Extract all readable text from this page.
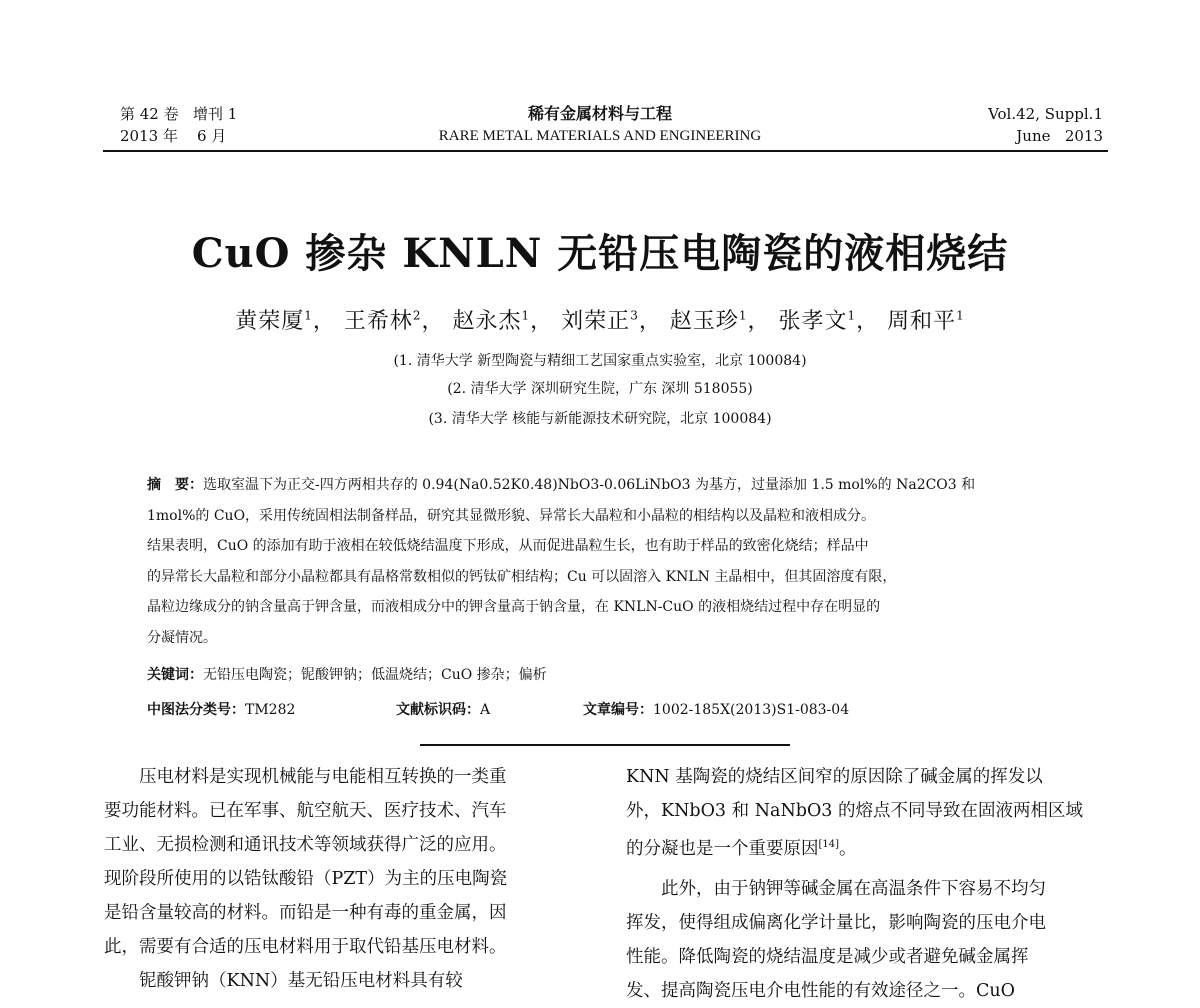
第 42 卷 增刊 1
2013 年 6 月
稀有金属材料与工程
RARE METAL MATERIALS AND ENGINEERING
Vol.42, Suppl.1
June   2013
CuO 掺杂 KNLN 无铅压电陶瓷的液相烧结
黄荣厦$^1$， 王希林$^2$， 赵永杰$^1$， 刘荣正$^3$， 赵玉珍$^1$， 张孝文$^1$， 周和平$^1$
(1. 清华大学 新型陶瓷与精细工艺国家重点实验室，北京 100084)
(2. 清华大学 深圳研究生院，广东 深圳 518055)
(3. 清华大学 核能与新能源技术研究院，北京 100084)
摘　要：选取室温下为正交-四方两相共存的 0.94(Na0.52K0.48)NbO3-0.06LiNbO3 为基方，过量添加 1.5 mol%的 Na2CO3 和
1mol%的 CuO，采用传统固相法制备样品，研究其显微形貌、异常长大晶粒和小晶粒的相结构以及晶粒和液相成分。
结果表明，CuO 的添加有助于液相在较低烧结温度下形成，从而促进晶粒生长，也有助于样品的致密化烧结；样品中
的异常长大晶粒和部分小晶粒都具有晶格常数相似的钙钛矿相结构；Cu 可以固溶入 KNLN 主晶相中，但其固溶度有限，
晶粒边缘成分的钠含量高于钾含量，而液相成分中的钾含量高于钠含量，在 KNLN-CuO 的液相烧结过程中存在明显的
分凝情况。
关键词：无铅压电陶瓷；铌酸钾钠；低温烧结；CuO 掺杂；偏析
中图法分类号：TM282	文献标识码：A	文章编号：1002-185X(2013)S1-083-04

压电材料是实现机械能与电能相互转换的一类重

要功能材料。已在军事、航空航天、医疗技术、汽车

工业、无损检测和通讯技术等领域获得广泛的应用。

现阶段所使用的以锆钛酸铅（PZT）为主的压电陶瓷

是铅含量较高的材料。而铅是一种有毒的重金属，因

此，需要有合适的压电材料用于取代铅基压电材料。

铌酸钾钠（KNN）基无铅压电材料具有较

KNN 基陶瓷的烧结区间窄的原因除了碱金属的挥发以

外，KNbO3 和 NaNbO3 的熔点不同导致在固液两相区域

的分凝也是一个重要原因[14]。

此外，由于钠钾等碱金属在高温条件下容易不均匀

挥发，使得组成偏离化学计量比，影响陶瓷的压电介电

性能。降低陶瓷的烧结温度是减少或者避免碱金属挥

发、提高陶瓷压电介电性能的有效途径之一。CuO
